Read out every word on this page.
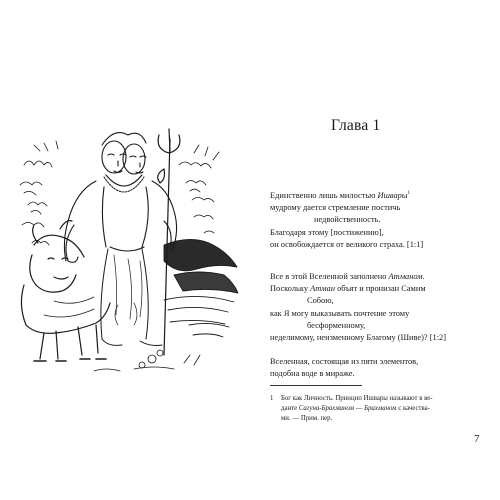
Глава 1
Единственно лишь милостью Ишвары$^1$
мудрому дается стремление постичь
недвойственность.
Благодаря этому [постижению],
он освобождается от великого страха. [1:1]
Все в этой Вселенной заполнено Атманом.
Поскольку Атман объят и пронизан Самим
Собою,
как Я могу выказывать почтение этому
бесформенному,
неделимому, неизменному Благому (Шиве)? [1:2]
Вселенная, состоящая из пяти элементов,
подобна воде в мираже.
1 Бог как Личность. Принцип Ишвары называют в ве-
данте Сагуна-Брахманом — Брахманом с качества-
ми. — Прим. пер.
7
